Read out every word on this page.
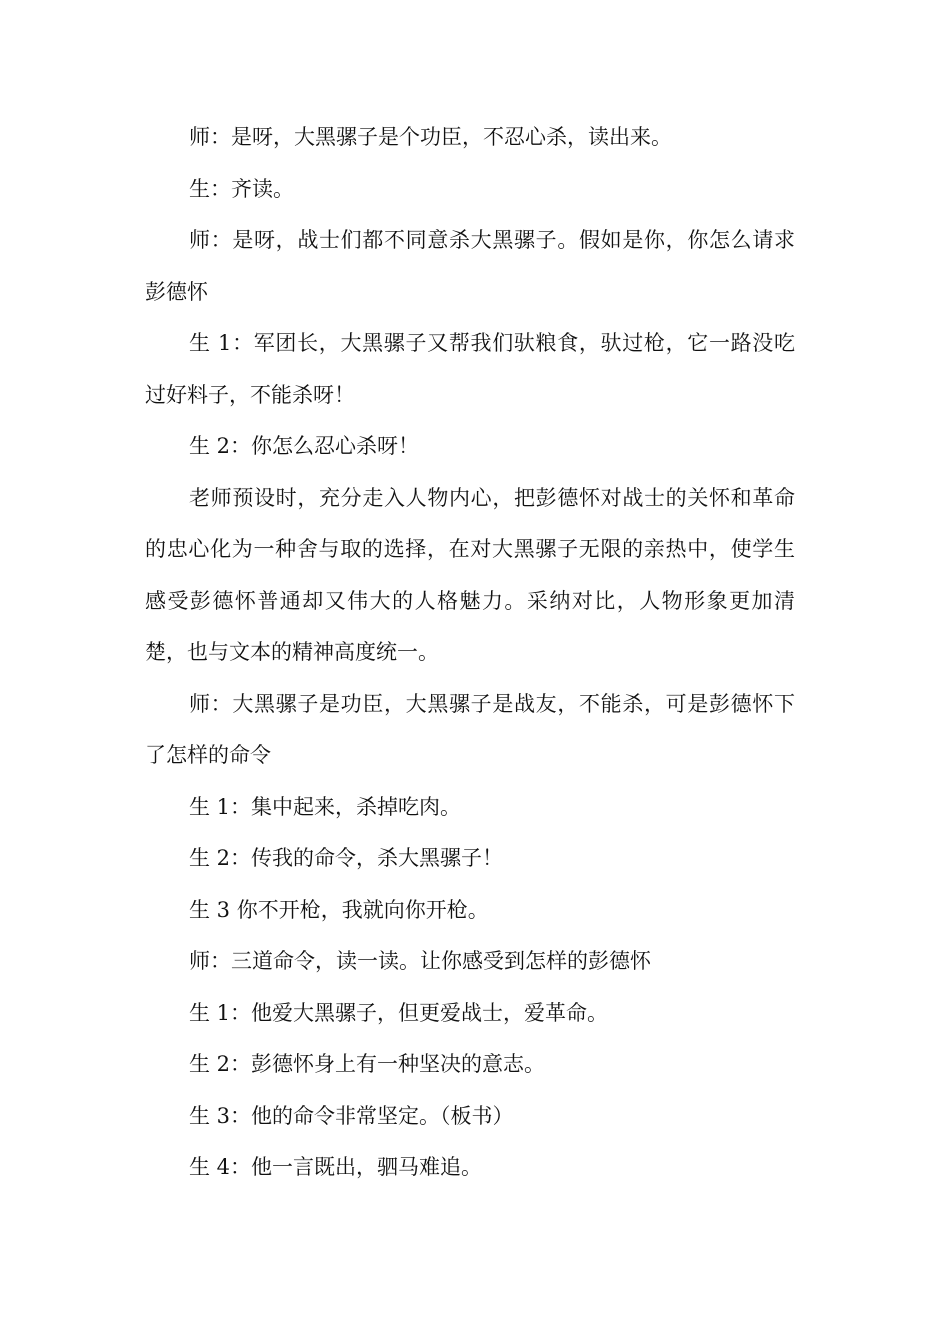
师：是呀，大黑骡子是个功臣，不忍心杀，读出来。

生：齐读。

师：是呀，战士们都不同意杀大黑骡子。假如是你，你怎么请求彭德怀

生 1：军团长，大黑骡子又帮我们驮粮食，驮过枪，它一路没吃过好料子，不能杀呀！

生 2：你怎么忍心杀呀！

老师预设时，充分走入人物内心，把彭德怀对战士的关怀和革命的忠心化为一种舍与取的选择，在对大黑骡子无限的亲热中，使学生感受彭德怀普通却又伟大的人格魅力。采纳对比，人物形象更加清楚，也与文本的精神高度统一。

师：大黑骡子是功臣，大黑骡子是战友，不能杀，可是彭德怀下了怎样的命令

生 1：集中起来，杀掉吃肉。

生 2：传我的命令，杀大黑骡子！

生 3 你不开枪，我就向你开枪。

师：三道命令，读一读。让你感受到怎样的彭德怀

生 1：他爱大黑骡子，但更爱战士，爱革命。

生 2：彭德怀身上有一种坚决的意志。

生 3：他的命令非常坚定。（板书）

生 4：他一言既出，驷马难追。
